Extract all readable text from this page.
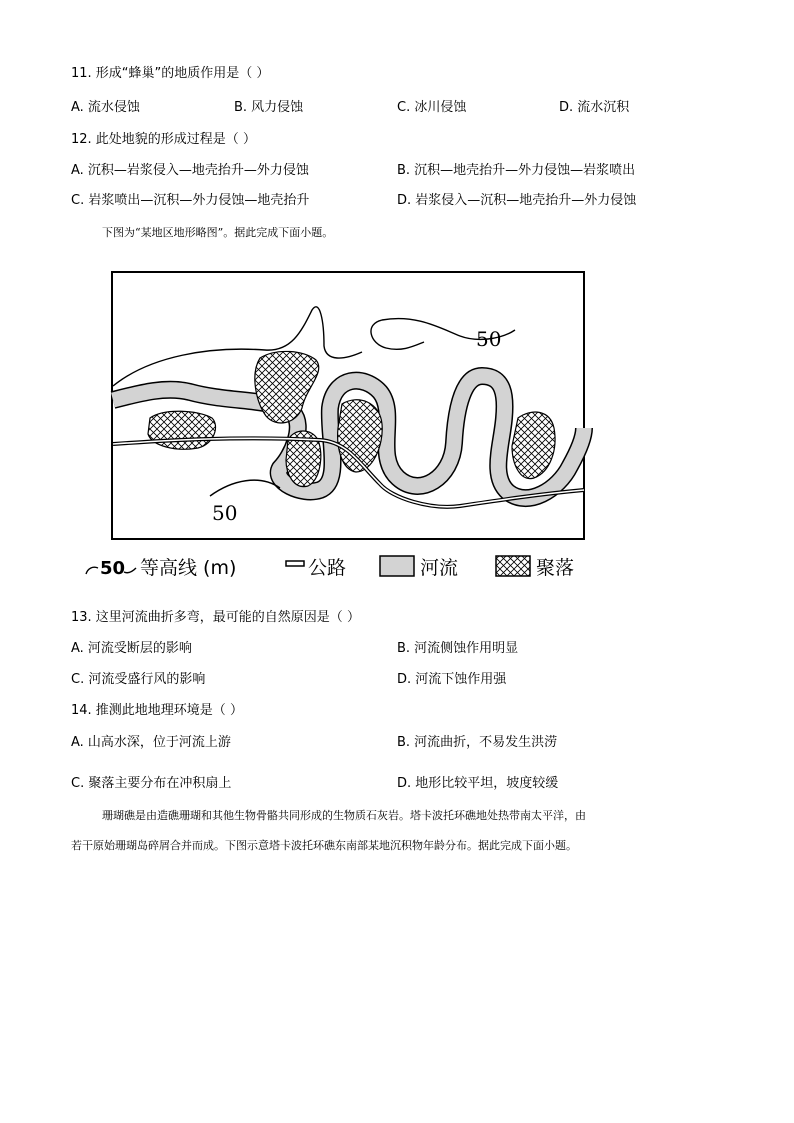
11. 形成“蜂巢”的地质作用是（ ）
A. 流水侵蚀	B. 风力侵蚀	C. 冰川侵蚀	D. 流水沉积
12. 此处地貌的形成过程是（ ）
A. 沉积—岩浆侵入—地壳抬升—外力侵蚀	B. 沉积—地壳抬升—外力侵蚀—岩浆喷出
C. 岩浆喷出—沉积—外力侵蚀—地壳抬升	D. 岩浆侵入—沉积—地壳抬升—外力侵蚀
下图为“某地区地形略图”。据此完成下面小题。
50
50
50 等高线 (m)	公路	河流	聚落
13. 这里河流曲折多弯，最可能的自然原因是（ ）
A. 河流受断层的影响	B. 河流侧蚀作用明显
C. 河流受盛行风的影响	D. 河流下蚀作用强
14. 推测此地地理环境是（ ）
A. 山高水深，位于河流上游	B. 河流曲折，不易发生洪涝
C. 聚落主要分布在冲积扇上	D. 地形比较平坦，坡度较缓
珊瑚礁是由造礁珊瑚和其他生物骨骼共同形成的生物质石灰岩。塔卡波托环礁地处热带南太平洋，由
若干原始珊瑚岛碎屑合并而成。下图示意塔卡波托环礁东南部某地沉积物年龄分布。据此完成下面小题。
